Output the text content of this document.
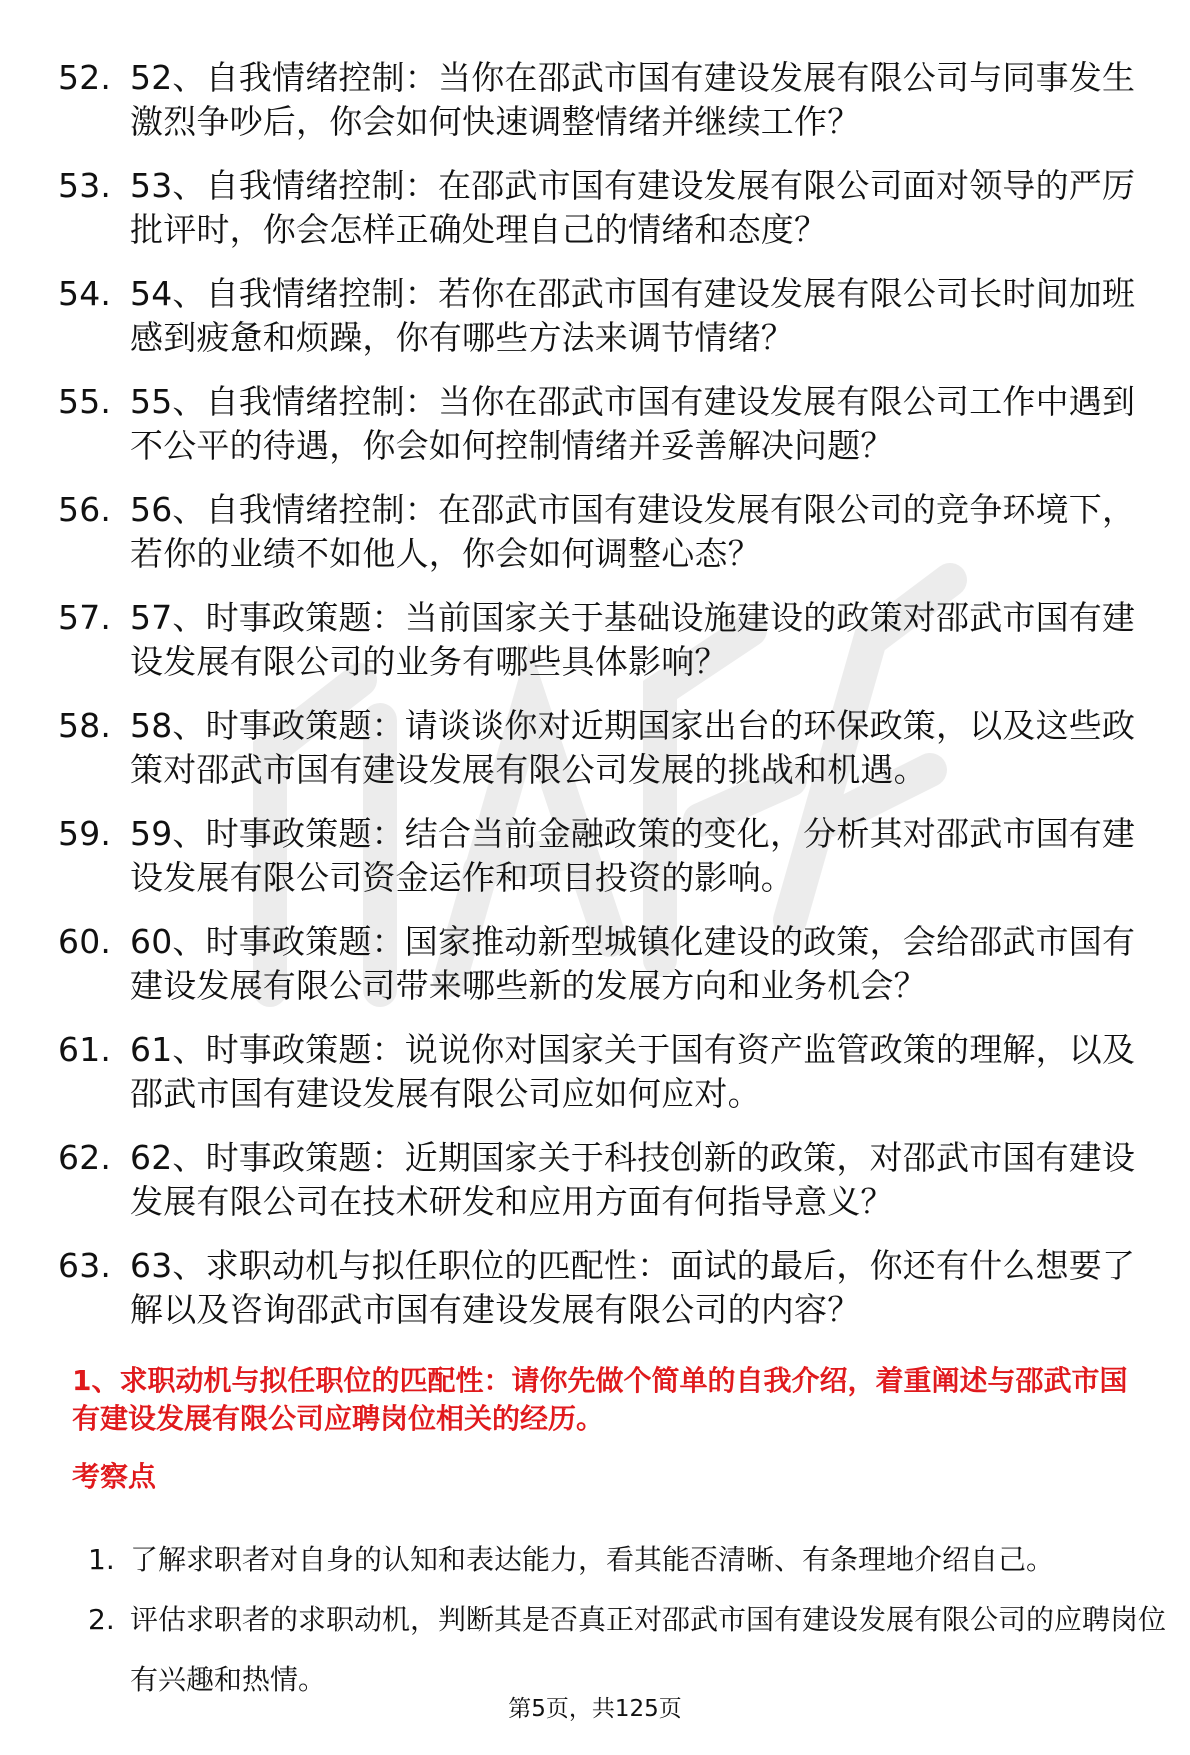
52. 52、自我情绪控制：当你在邵武市国有建设发展有限公司与同事发生激烈争吵后，你会如何快速调整情绪并继续工作？
53. 53、自我情绪控制：在邵武市国有建设发展有限公司面对领导的严厉批评时，你会怎样正确处理自己的情绪和态度？
54. 54、自我情绪控制：若你在邵武市国有建设发展有限公司长时间加班感到疲惫和烦躁，你有哪些方法来调节情绪？
55. 55、自我情绪控制：当你在邵武市国有建设发展有限公司工作中遇到不公平的待遇，你会如何控制情绪并妥善解决问题？
56. 56、自我情绪控制：在邵武市国有建设发展有限公司的竞争环境下，若你的业绩不如他人，你会如何调整心态？
57. 57、时事政策题：当前国家关于基础设施建设的政策对邵武市国有建设发展有限公司的业务有哪些具体影响？
58. 58、时事政策题：请谈谈你对近期国家出台的环保政策，以及这些政策对邵武市国有建设发展有限公司发展的挑战和机遇。
59. 59、时事政策题：结合当前金融政策的变化，分析其对邵武市国有建设发展有限公司资金运作和项目投资的影响。
60. 60、时事政策题：国家推动新型城镇化建设的政策，会给邵武市国有建设发展有限公司带来哪些新的发展方向和业务机会？
61. 61、时事政策题：说说你对国家关于国有资产监管政策的理解，以及邵武市国有建设发展有限公司应如何应对。
62. 62、时事政策题：近期国家关于科技创新的政策，对邵武市国有建设发展有限公司在技术研发和应用方面有何指导意义？
63. 63、求职动机与拟任职位的匹配性：面试的最后，你还有什么想要了解以及咨询邵武市国有建设发展有限公司的内容？

1、求职动机与拟任职位的匹配性：请你先做个简单的自我介绍，着重阐述与邵武市国有建设发展有限公司应聘岗位相关的经历。

考察点

1. 了解求职者对自身的认知和表达能力，看其能否清晰、有条理地介绍自己。
2. 评估求职者的求职动机，判断其是否真正对邵武市国有建设发展有限公司的应聘岗位有兴趣和热情。
第5页，共125页
